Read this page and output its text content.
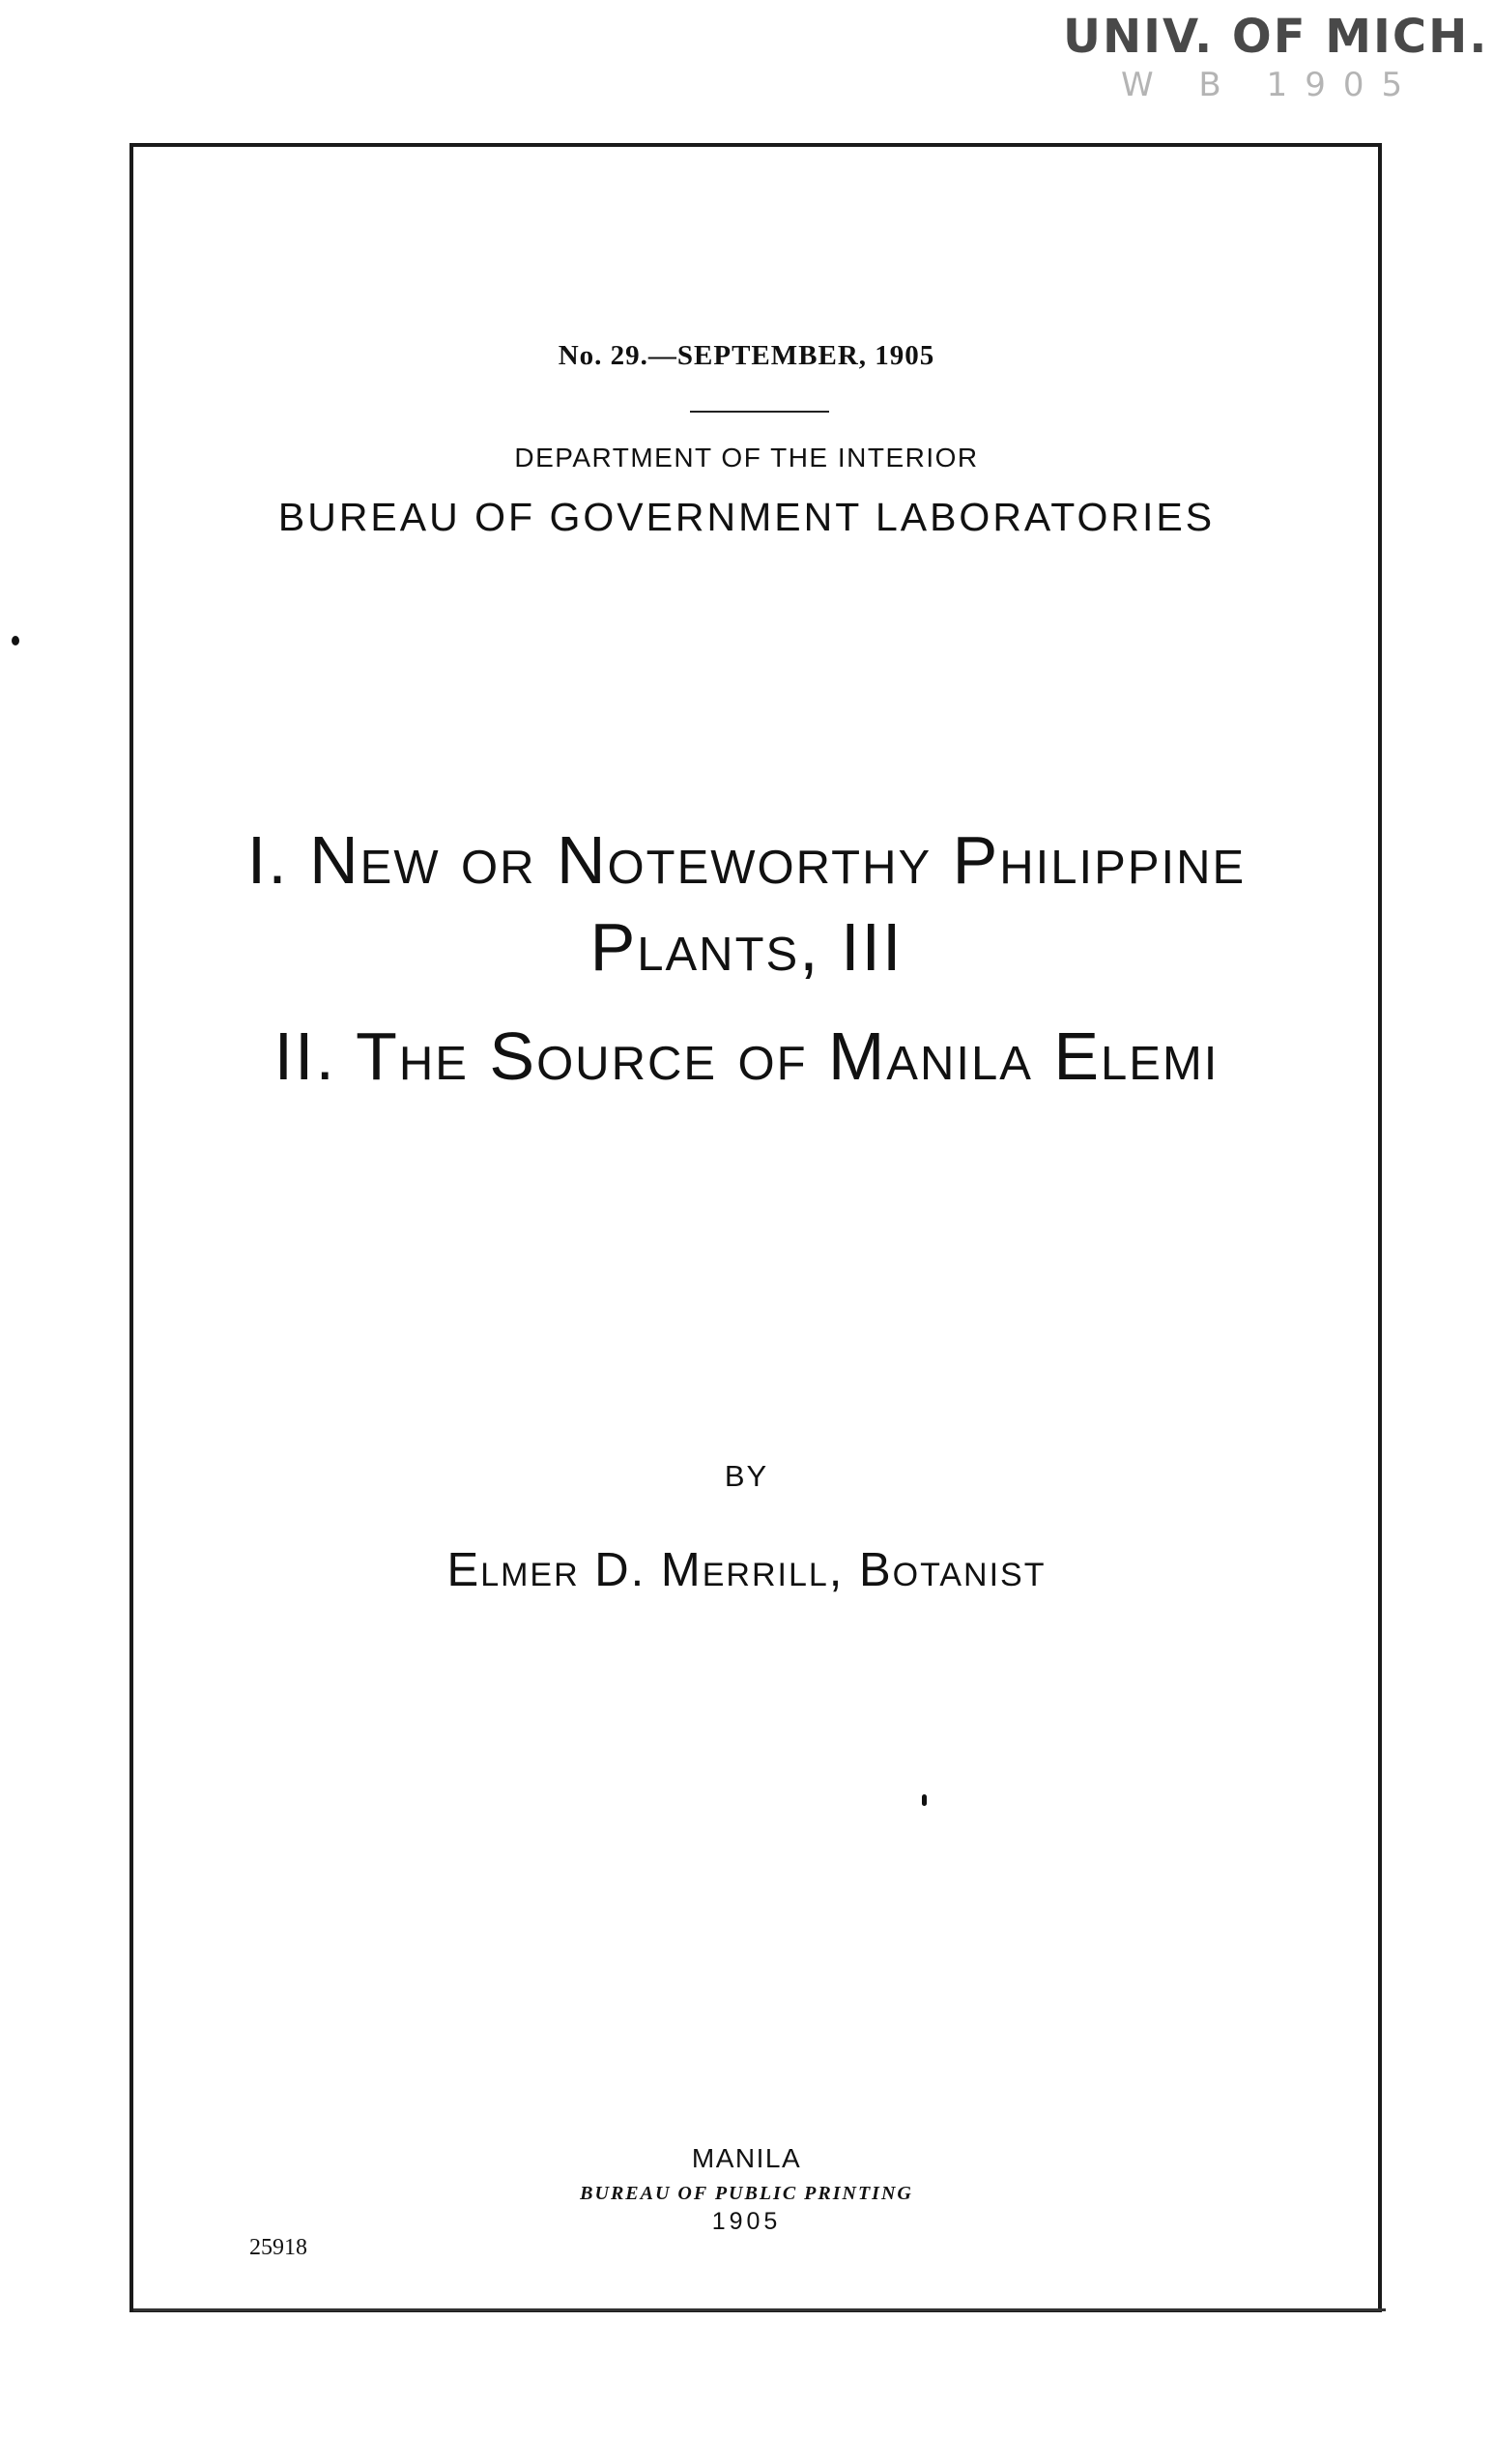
UNIV. OF MICH.
W B 1905
No. 29.—SEPTEMBER, 1905
DEPARTMENT OF THE INTERIOR
BUREAU OF GOVERNMENT LABORATORIES
I. New or Noteworthy Philippine
Plants, III
II. The Source of Manila Elemi
BY
Elmer D. Merrill, Botanist
MANILA
BUREAU OF PUBLIC PRINTING
1905
25918
